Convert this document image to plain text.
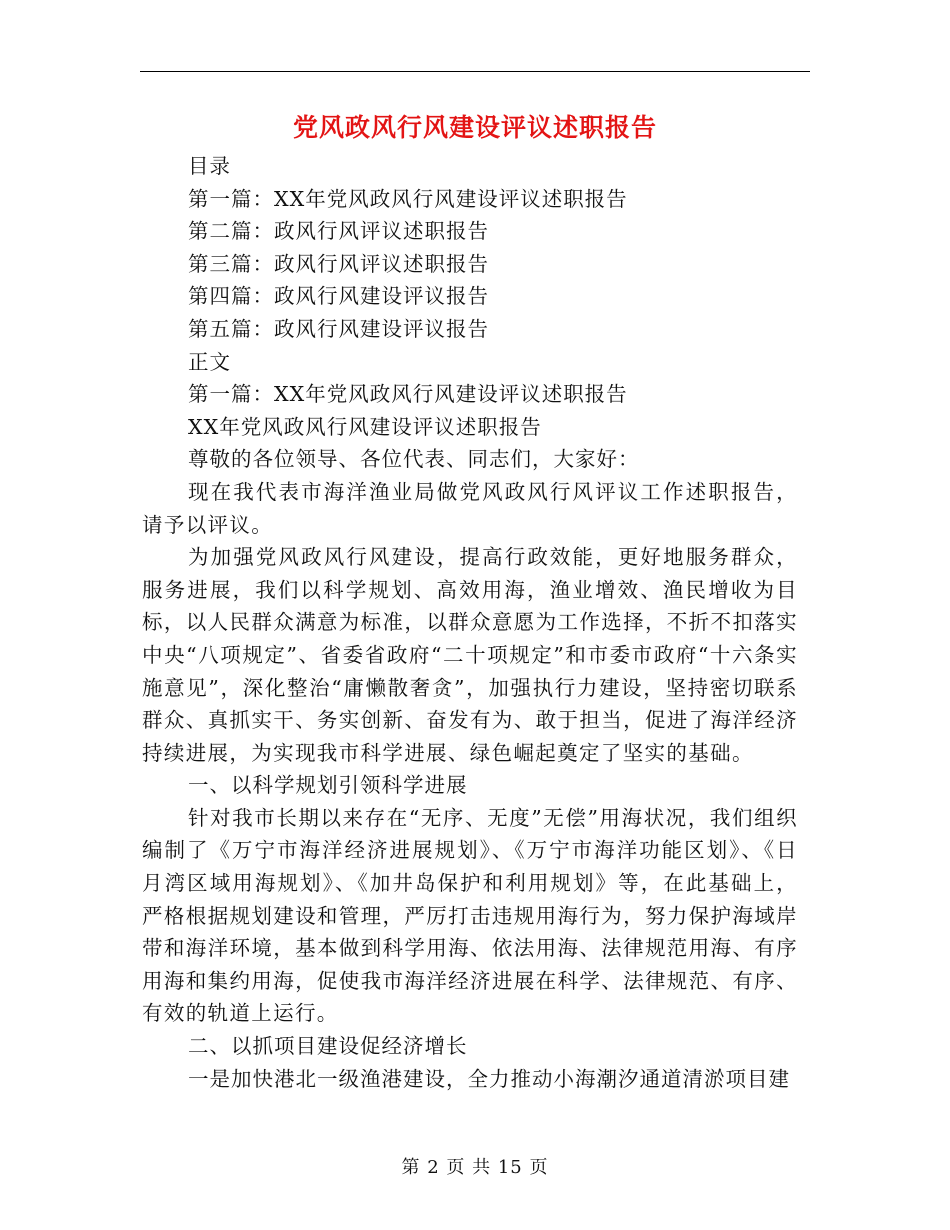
党风政风行风建设评议述职报告
目录
第一篇：XX年党风政风行风建设评议述职报告
第二篇：政风行风评议述职报告
第三篇：政风行风评议述职报告
第四篇：政风行风建设评议报告
第五篇：政风行风建设评议报告
正文
第一篇：XX年党风政风行风建设评议述职报告
XX年党风政风行风建设评议述职报告
尊敬的各位领导、各位代表、同志们，大家好：

现在我代表市海洋渔业局做党风政风行风评议工作述职报告，请予以评议。

为加强党风政风行风建设，提高行政效能，更好地服务群众，服务进展，我们以科学规划、高效用海，渔业增效、渔民增收为目标，以人民群众满意为标准，以群众意愿为工作选择，不折不扣落实中央“八项规定”、省委省政府“二十项规定”和市委市政府“十六条实施意见”，深化整治“庸懒散奢贪”，加强执行力建设，坚持密切联系群众、真抓实干、务实创新、奋发有为、敢于担当，促进了海洋经济持续进展，为实现我市科学进展、绿色崛起奠定了坚实的基础。

一、以科学规划引领科学进展

针对我市长期以来存在“无序、无度”无偿”用海状况，我们组织编制了《万宁市海洋经济进展规划》、《万宁市海洋功能区划》、《日月湾区域用海规划》、《加井岛保护和利用规划》等，在此基础上，严格根据规划建设和管理，严厉打击违规用海行为，努力保护海域岸带和海洋环境，基本做到科学用海、依法用海、法律规范用海、有序用海和集约用海，促使我市海洋经济进展在科学、法律规范、有序、有效的轨道上运行。

二、以抓项目建设促经济增长
一是加快港北一级渔港建设，全力推动小海潮汐通道清淤项目建
第 2 页 共 15 页
